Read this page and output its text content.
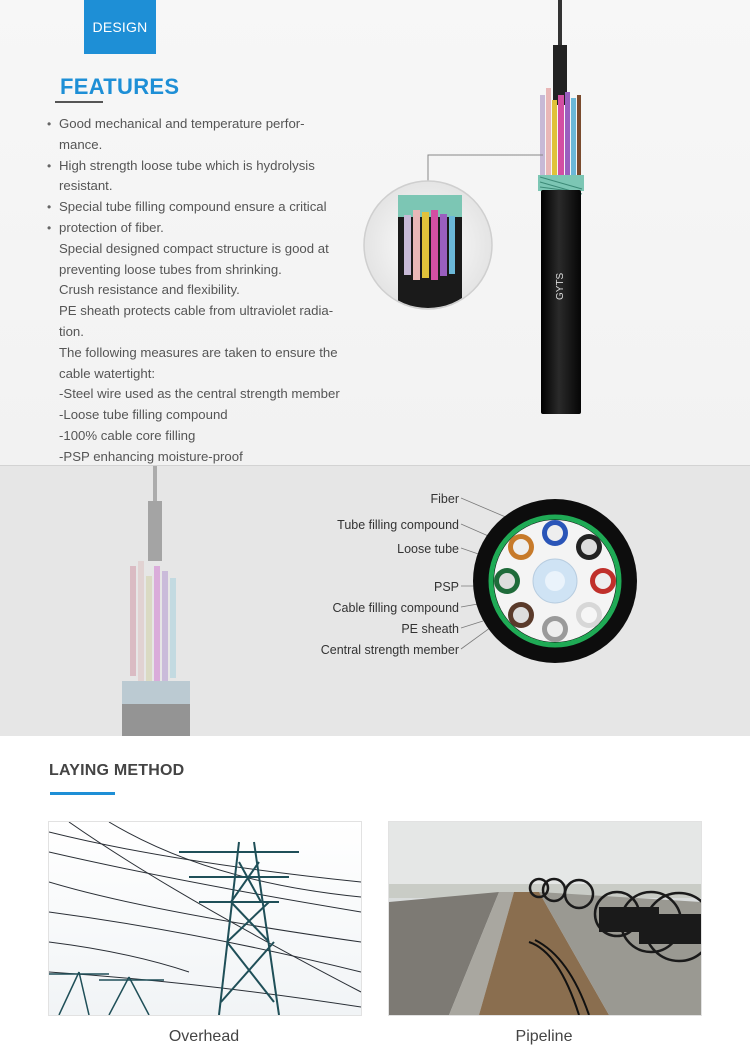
DESIGN
FEATURES
•
•
•
•
Good mechanical and temperature perfor-
mance.
High strength loose tube which is hydrolysis
resistant.
Special tube filling compound ensure a critical
protection of fiber.
Special designed compact structure is good at
preventing loose tubes from shrinking.
Crush resistance and flexibility.
PE sheath protects cable from ultraviolet radia-
tion.
The following measures are taken to ensure the
cable watertight:
-Steel wire used as the central strength member
-Loose tube filling compound
-100% cable core filling
-PSP enhancing moisture-proof
GYTS
Fiber
Tube filling compound
Loose tube
PSP
Cable filling compound
PE sheath
Central strength member
LAYING METHOD
Overhead	Pipeline
